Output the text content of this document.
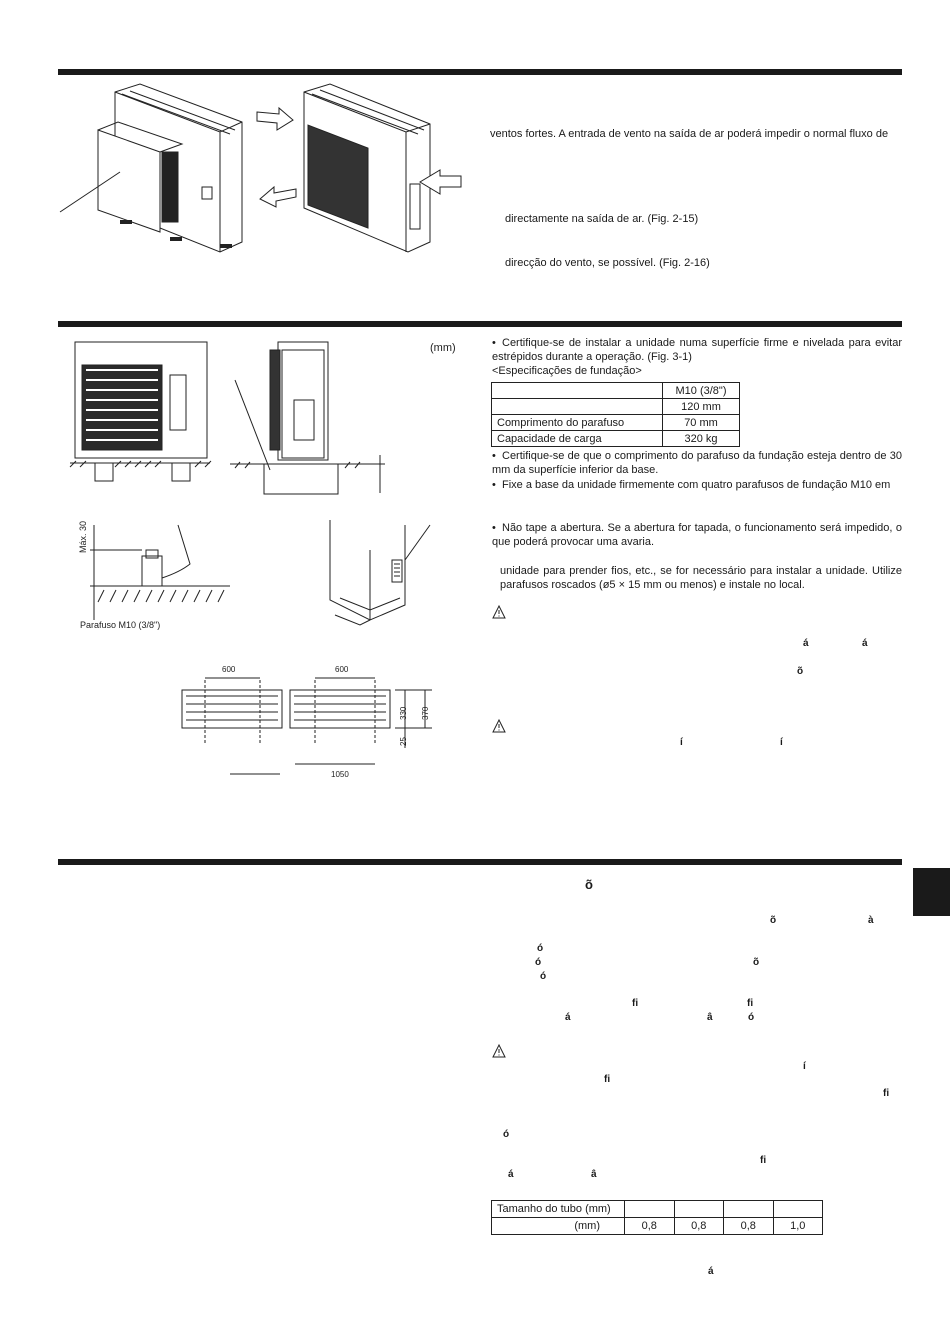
ventos fortes. A entrada de vento na saída de ar poderá impedir o normal fluxo de
directamente na saída de ar. (Fig. 2-15)
direcção do vento, se possível. (Fig. 2-16)
(mm)
Máx. 30
Parafuso M10 (3/8")
600	600
1050
330 370
25
• Certifique-se de instalar a unidade numa superfície firme e nivelada para evitar estrépidos durante a operação. (Fig. 3-1)
<Especificações de fundação>
	M10 (3/8")
	120 mm
Comprimento do parafuso	70 mm
Capacidade de carga	320 kg
• Certifique-se de que o comprimento do parafuso da fundação esteja dentro de 30 mm da superfície inferior da base.
• Fixe a base da unidade firmemente com quatro parafusos de fundação M10 em
• Não tape a abertura. Se a abertura for tapada, o funcionamento será impedido, o que poderá provocar uma avaria.
unidade para prender fios, etc., se for necessário para instalar a unidade. Utilize parafusos roscados (ø5 × 15 mm ou menos) e instale no local.
á	á
õ
í	í
õ
õ	à
ó
ó	õ
ó
fi	fi
á	â	ó
í
fi
fi
ó
fi
á	â
Tamanho do tubo (mm)				
(mm)	0,8	0,8	0,8	1,0
á
